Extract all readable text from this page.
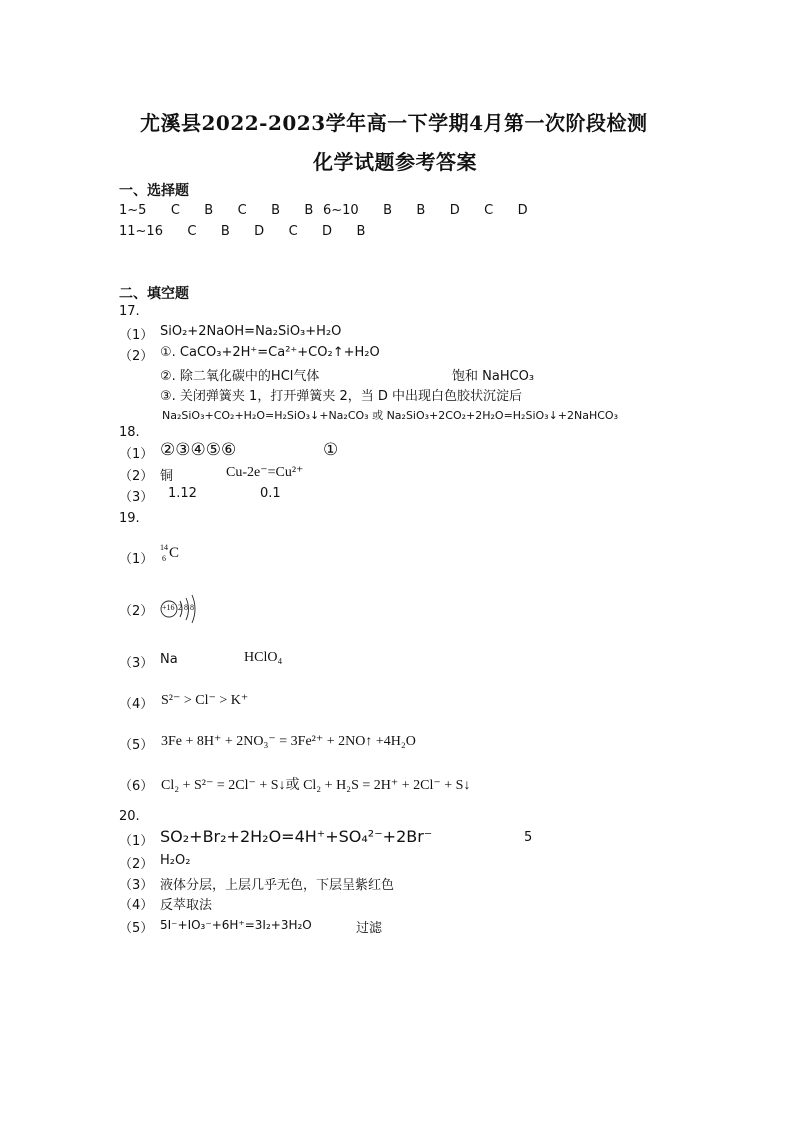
尤溪县2022-2023学年高一下学期4月第一次阶段检测
化学试题参考答案
一、选择题
1~5   C   B   C   B   B 6~10   B   B   D   C   D
11~16   C   B   D   C   D   B
二、填空题
17.
（1） SiO₂+2NaOH=Na₂SiO₃+H₂O
（2） ①. CaCO₃+2H⁺=Ca²⁺+CO₂↑+H₂O
②. 除二氧化碳中的HCl气体	饱和 NaHCO₃
③. 关闭弹簧夹 1，打开弹簧夹 2，当 D 中出现白色胶状沉淀后
Na₂SiO₃+CO₂+H₂O=H₂SiO₃↓+Na₂CO₃ 或 Na₂SiO₃+2CO₂+2H₂O=H₂SiO₃↓+2NaHCO₃
18.
（1） ②③④⑤⑥	①
（2） 铜	Cu-2e⁻=Cu²⁺
（3） 1.12	0.1
19.
（1）
14
6 C
（2） +16 2 8 8
（3） Na	HClO₄
（4） S²⁻ > Cl⁻ > K⁺
（5） 3Fe + 8H⁺ + 2NO₃⁻ = 3Fe²⁺ + 2NO↑ +4H₂O
（6） Cl₂ + S²⁻ = 2Cl⁻ + S↓或 Cl₂ + H₂S = 2H⁺ + 2Cl⁻ + S↓
20.
（1） SO₂+Br₂+2H₂O=4H⁺+SO₄²⁻+2Br⁻	5
（2） H₂O₂
（3） 液体分层，上层几乎无色，下层呈紫红色
（4） 反萃取法
（5） 5I⁻+IO₃⁻+6H⁺=3I₂+3H₂O	过滤
